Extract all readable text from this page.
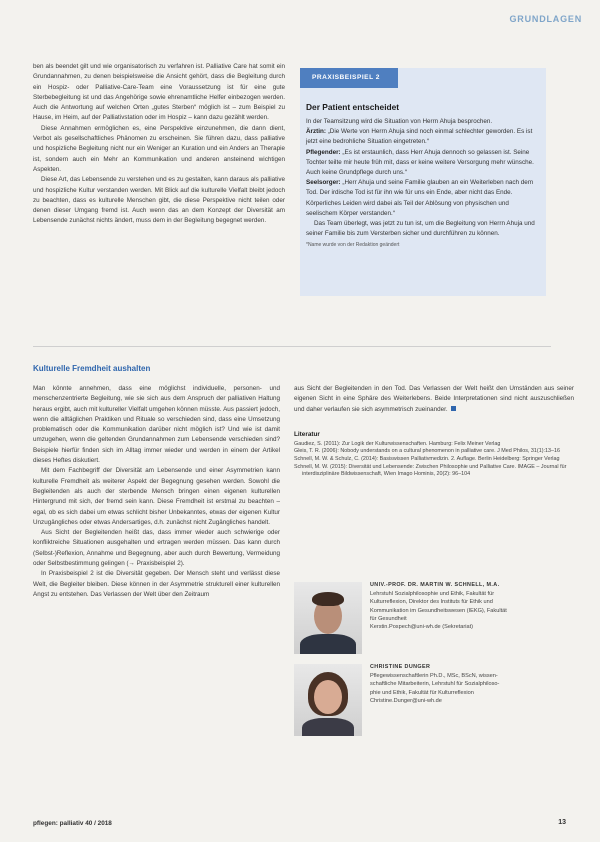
GRUNDLAGEN

ben als beendet gilt und wie organisatorisch zu verfahren ist. Palliative Care hat somit ein Grundannahmen, zu denen beispielsweise die Ansicht gehört, dass die Begleitung durch ein Hospiz- oder Palliative-Care-Team eine Voraussetzung ist für eine gute Sterbebegleitung ist und das Angehörige sowie ehrenamtliche Helfer einbezogen werden. Auch die Antwortung auf welchen Orten „gutes Sterben“ möglich ist – zum Beispiel zu Hause, im Heim, auf der Palliativstation oder im Hospiz – kann dazu gezählt werden.

Diese Annahmen ermöglichen es, eine Perspektive einzunehmen, die dann dient, Verbot als gesellschaftliches Phänomen zu erscheinen. Sie führen dazu, dass palliative und hospizliche Begleitung nicht nur ein Weniger an Kuration und ein Anders an Therapie ist, sondern auch ein Mehr an Kommunikation und anderen ansteinend wichtigen Aspekten.

Diese Art, das Lebensende zu verstehen und es zu gestalten, kann daraus als palliative und hospizliche Kultur verstanden werden. Mit Blick auf die kulturelle Vielfalt bleibt jedoch zu beachten, dass es kulturelle Menschen gibt, die diese Perspektive nicht teilen oder denen dieser Umgang fremd ist. Auch wenn das an dem Konzept der Diversität am Lebensende zunächst nichts ändert, muss dem in der Begleitung begegnet werden.

PRAXISBEISPIEL 2

Der Patient entscheidet

In der Teamsitzung wird die Situation von Herrn Ahuja besprochen.

Ärztin: „Die Werte von Herrn Ahuja sind noch einmal schlechter geworden. Es ist jetzt eine bedrohliche Situation eingetreten.“

Pflegender: „Es ist erstaunlich, dass Herr Ahuja dennoch so gelassen ist. Seine Tochter teilte mir heute früh mit, dass er keine weitere Versorgung mehr wünsche. Auch keine Grundpflege durch uns.“

Seelsorger: „Herr Ahuja und seine Familie glauben an ein Weiterleben nach dem Tod. Der irdische Tod ist für ihn wie für uns ein Ende, aber nicht das Ende. Körperliches Leiden wird dabei als Teil der Ablösung von physischen und seelischem Körper verstanden.“

Das Team überlegt, was jetzt zu tun ist, um die Begleitung von Herrn Ahuja und seiner Familie bis zum Versterben sicher und durchführen zu können.

*Name wurde von der Redaktion geändert
Kulturelle Fremdheit aushalten

Man könnte annehmen, dass eine möglichst individuelle, personen- und menschenzentrierte Begleitung, wie sie sich aus dem Anspruch der palliativen Haltung heraus ergibt, auch mit kultureller Vielfalt umgehen können müsste. Aus passiert jedoch, wenn die alltäglichen Praktiken und Rituale so verschieden sind, dass eine Umsetzung problematisch oder die Kommunikation darüber nicht möglich ist? Und wie ist damit umzugehen, wenn die geltenden Grundannahmen zum Lebensende verschieden sind? Beispiele hierfür finden sich im Alltag immer wieder und werden in einem der Artikel dieses Heftes diskutiert.

Mit dem Fachbegriff der Diversität am Lebensende und einer Asymmetrien kann kulturelle Fremdheit als weiterer Aspekt der Begegnung gesehen werden. Sowohl die Begleitenden als auch der sterbende Mensch bringen einen eigenen kulturellen Hintergrund mit sich, der fremd sein kann. Diese Fremdheit ist erstmal zu beachten – egal, ob es sich dabei um etwas schlicht bisher Unbekanntes, etwas der eigenen Kultur Unzugängliches oder etwas Andersartiges, d.h. zunächst nicht Zugängliches handelt.

Aus Sicht der Begleitenden heißt das, dass immer wieder auch schwierige oder konfliktreiche Situationen ausgehalten und ertragen werden müssen. Das kann durch (Selbst-)Reflexion, Annahme und Begegnung, aber auch durch Bewertung, Vermeidung oder Selbstbestimmung gelingen (→ Praxisbeispiel 2).

In Praxisbeispiel 2 ist die Diversität gegeben. Der Mensch steht und verlässt diese Welt, die Begleiter bleiben. Diese können in der Asymmetrie strukturell einer kulturellen Angst zu entstehen. Das Verlassen der Welt über den Zeitraum

aus Sicht der Begleitenden in den Tod. Das Verlassen der Welt heißt den Umständen aus seiner eigenen Sicht in eine Sphäre des Weiterlebens. Beide Interpretationen sind nicht auszuschließen und daher verlaufen sie sich asymmetrisch zueinander.

Literatur

Gaudiez, S. (2011): Zur Logik der Kulturwissenschaften. Hamburg: Felix Meiner Verlag

Gleis, T. R. (2006): Nobody understands on a cultural phenomenon in palliative care. J Med Philos, 31(1):13–16

Schnell, M. W. & Schulz, C. (2014): Basiswissen Palliativmedizin. 2. Auflage. Berlin Heidelberg: Springer Verlag

Schnell, M. W. (2015): Diversität und Lebensende: Zwischen Philosophie und Palliative Care. IMAGE – Journal für interdisziplinäre Bildwissenschaft, Wien Imago Hominis, 20(2): 96–104

UNIV.-PROF. DR. MARTIN W. SCHNELL, M.A.

Lehrstuhl Sozialphilosophie und Ethik, Fakultät für

Kulturreflexion, Direktor des Instituts für Ethik und

Kommunikation im Gesundheitswesen (IEKG), Fakultät

für Gesundheit

Kerstin.Pospech@uni-wh.de (Sekretariat)

CHRISTINE DUNGER

Pflegewissenschaftlerin Ph.D., MSc, BScN, wissen-

schaftliche Mitarbeiterin, Lehrstuhl für Sozialphiloso-

phie und Ethik, Fakultät für Kulturreflexion

Christine.Dunger@uni-wh.de

pflegen: palliativ 40 / 2018	13
